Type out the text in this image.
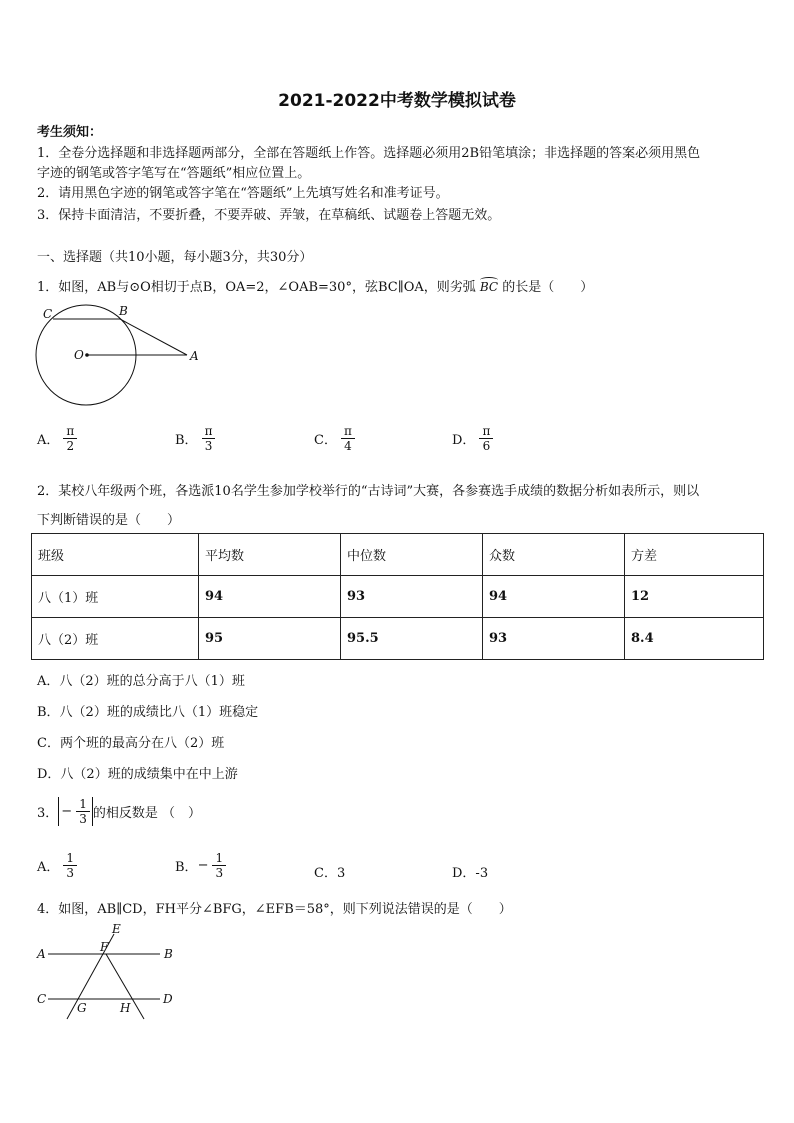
2021-2022中考数学模拟试卷
考生须知：
1．全卷分选择题和非选择题两部分，全部在答题纸上作答。选择题必须用2B铅笔填涂；非选择题的答案必须用黑色
字迹的钢笔或答字笔写在“答题纸”相应位置上。
2．请用黑色字迹的钢笔或答字笔在“答题纸”上先填写姓名和准考证号。
3．保持卡面清洁，不要折叠，不要弄破、弄皱，在草稿纸、试题卷上答题无效。
一、选择题（共10小题，每小题3分，共30分）
1．如图，AB与⊙O相切于点B，OA=2，∠OAB=30°，弦BC∥OA，则劣弧 BC 的长是（　　）
C	B
O	A
A． $\frac{\pi}{2}$	B． $\frac{\pi}{3}$	C． $\frac{\pi}{4}$	D． $\frac{\pi}{6}$
2．某校八年级两个班，各选派10名学生参加学校举行的“古诗词”大赛，各参赛选手成绩的数据分析如表所示，则以
下判断错误的是（　　）
班级	平均数	中位数	众数	方差
八（1）班	94	93	94	12
八（2）班	95	95.5	93	8.4
A．八（2）班的总分高于八（1）班
B．八（2）班的成绩比八（1）班稳定
C．两个班的最高分在八（2）班
D．八（2）班的成绩集中在中上游
3． − $\frac{1}{3}$ 的相反数是 （　）
A． $\frac{1}{3}$	B． − $\frac{1}{3}$	C．3	D．-3
4．如图，AB∥CD，FH平分∠BFG，∠EFB＝58°，则下列说法错误的是（　　）
E
F
A	B
C	D
G	H
